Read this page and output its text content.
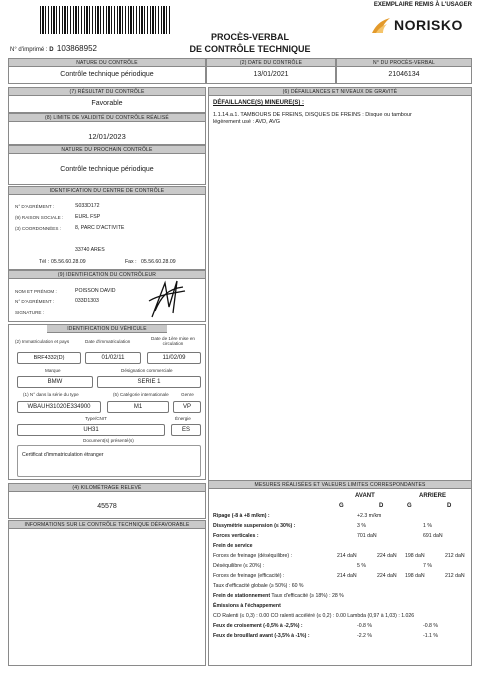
EXEMPLAIRE REMIS À L'USAGER
NORISKO
PROCÈS-VERBAL
DE CONTRÔLE TECHNIQUE
N° d'imprimé : D 103868952
NATURE DU CONTRÔLE
Contrôle technique périodique
(2) DATE DU CONTRÔLE
13/01/2021
N° DU PROCÈS-VERBAL
21046134
(7) RÉSULTAT DU CONTRÔLE
Favorable
(8) LIMITE DE VALIDITÉ DU CONTRÔLE RÉALISÉ
12/01/2023
NATURE DU PROCHAIN CONTRÔLE
Contrôle technique périodique
IDENTIFICATION DU CENTRE DE CONTRÔLE
N° D'AGRÉMENT :	S033D172
(9) RAISON SOCIALE : EURL FSP
(3) COORDONNÉES :	8, PARC D'ACTIVITE
33740 ARES
Tél : 05.56.60.28.09	Fax : 05.56.60.28.09
(9) IDENTIFICATION DU CONTRÔLEUR
NOM ET PRÉNOM :	POISSON DAVID
N° D'AGRÉMENT :	033D1303
SIGNATURE :
IDENTIFICATION DU VÉHICULE
(2) Immatriculation et pays	Date d'immatriculation
Date de 1ère mise en circulation
BRF4332(D)	01/02/11	11/02/09
Marque	Désignation commerciale
BMW	SERIE 1
(1) N° dans la série du type	(5) Catégorie internationale	Genre
WBAUH31020E334900	M1	VP
Type/CNIT	Énergie
UH31	ES
Document(s) présenté(s)
Certificat d'immatriculation étranger
(4) KILOMÉTRAGE RELEVÉ
45578
INFORMATIONS SUR LE CONTRÔLE TECHNIQUE DÉFAVORABLE
(6) DÉFAILLANCES ET NIVEAUX DE GRAVITÉ
DÉFAILLANCE(S) MINEURE(S) :
1.1.14.a.1. TAMBOURS DE FREINS, DISQUES DE FREINS : Disque ou tambour
légèrement usé : AVD, AVG
MESURES RÉALISÉES ET VALEURS LIMITES CORRESPONDANTES
AVANT	ARRIERE
G	D	G	D
Ripage (-8 à +8 m/km) :	+2.3 m/km
Dissymétrie suspension (≤ 30%) :	3 %	1 %
Forces verticales :	701 daN	691 daN
Frein de service
Forces de freinage (déséquilibre) :	214 daN	224 daN 198 daN	212 daN
Déséquilibre (≤ 20%) :	5 %	7 %
Forces de freinage (efficacité) :	214 daN	224 daN 198 daN	212 daN
Taux d'efficacité globale (≥ 50%) : 60 %
Frein de stationnement Taux d'efficacité (≥ 18%) : 28 %
Émissions à l'échappement
CO Ralenti (≤ 0,3) : 0.00 CO ralenti accéléré (≤ 0,2) : 0.00 Lambda (0,97 à 1,03) : 1.026
Feux de croisement (-0,5% à -2,5%) :	-0.8 %	-0.8 %
Feux de brouillard avant (-3,5% à -1%) :	-2.2 %	-1.1 %
